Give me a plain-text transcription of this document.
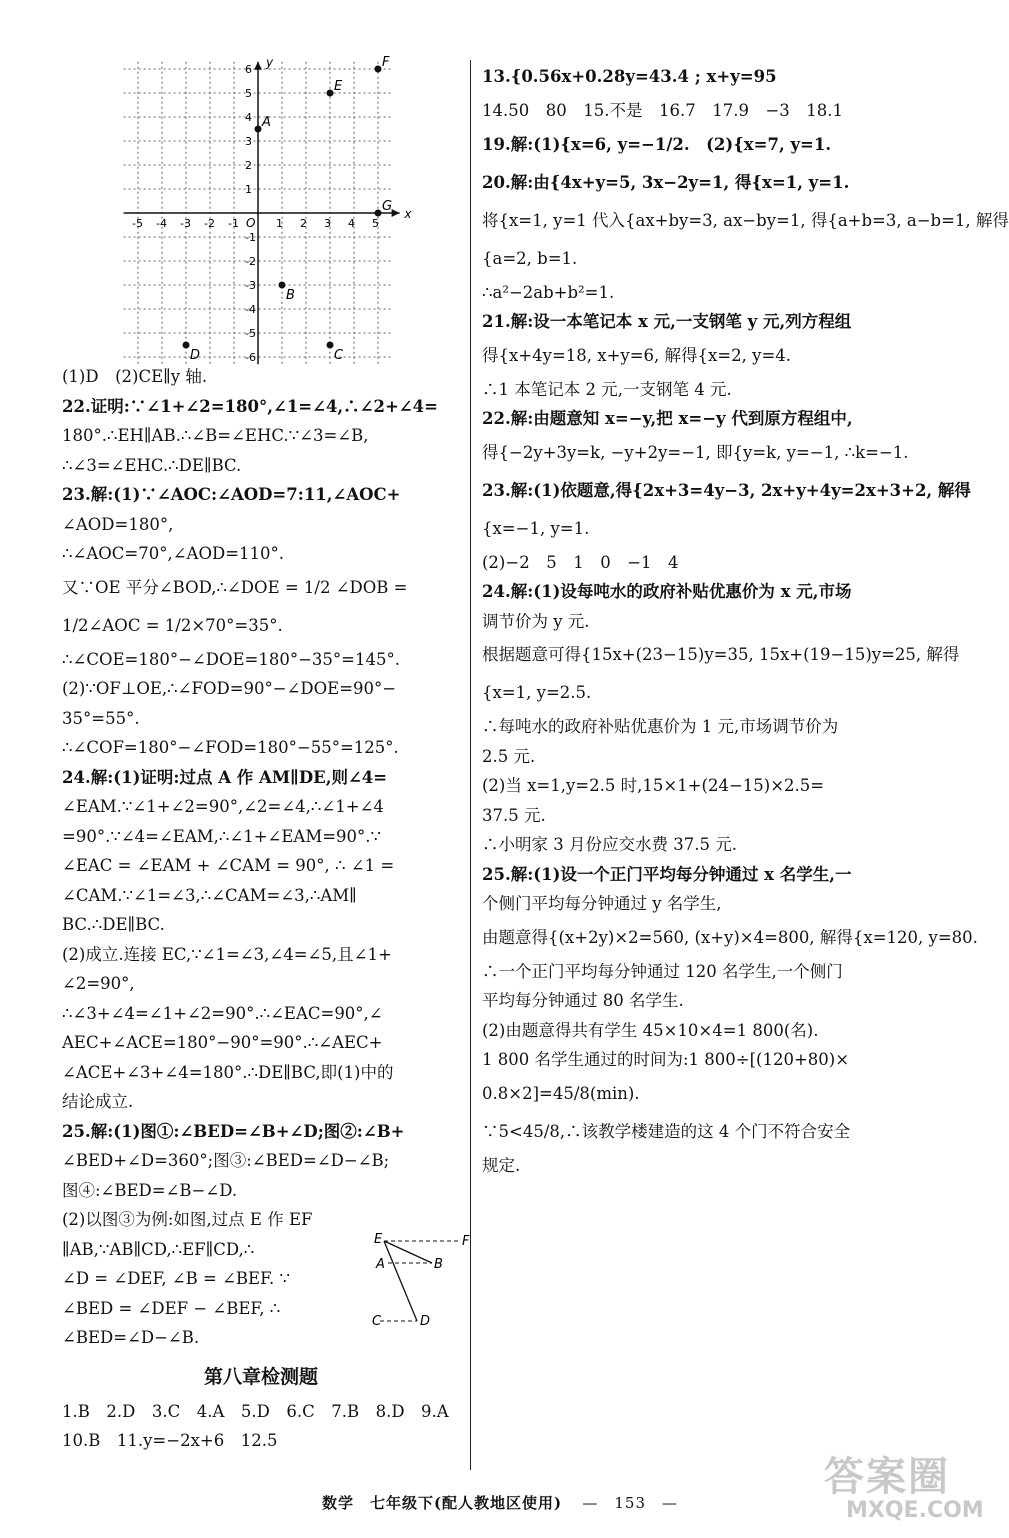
x
y
O
-5 -4 -3 -2 -1	1 2 3 4 5
6
5
4
3
2
1
-1
-2
-3
-4
-5
-6
A
B
C
D
E
F
G
(1)D　(2)CE∥y 轴.
22.证明:∵∠1+∠2=180°,∠1=∠4,∴∠2+∠4=
180°.∴EH∥AB.∴∠B=∠EHC.∵∠3=∠B,
∴∠3=∠EHC.∴DE∥BC.
23.解:(1)∵∠AOC:∠AOD=7:11,∠AOC+
∠AOD=180°,
∴∠AOC=70°,∠AOD=110°.
又∵OE 平分∠BOD,∴∠DOE = 1/2 ∠DOB =
1/2∠AOC = 1/2×70°=35°.
∴∠COE=180°−∠DOE=180°−35°=145°.
(2)∵OF⊥OE,∴∠FOD=90°−∠DOE=90°−
35°=55°.
∴∠COF=180°−∠FOD=180°−55°=125°.
24.解:(1)证明:过点 A 作 AM∥DE,则∠4=
∠EAM.∵∠1+∠2=90°,∠2=∠4,∴∠1+∠4
=90°.∵∠4=∠EAM,∴∠1+∠EAM=90°.∵
∠EAC = ∠EAM + ∠CAM = 90°, ∴ ∠1 =
∠CAM.∵∠1=∠3,∴∠CAM=∠3,∴AM∥
BC.∴DE∥BC.
(2)成立.连接 EC,∵∠1=∠3,∠4=∠5,且∠1+
∠2=90°,
∴∠3+∠4=∠1+∠2=90°.∴∠EAC=90°,∠
AEC+∠ACE=180°−90°=90°.∴∠AEC+
∠ACE+∠3+∠4=180°.∴DE∥BC,即(1)中的
结论成立.
25.解:(1)图①:∠BED=∠B+∠D;图②:∠B+
∠BED+∠D=360°;图③:∠BED=∠D−∠B;
图④:∠BED=∠B−∠D.
(2)以图③为例:如图,过点 E 作 EF
∥AB,∵AB∥CD,∴EF∥CD,∴
∠D = ∠DEF, ∠B = ∠BEF. ∵
∠BED = ∠DEF − ∠BEF, ∴
∠BED=∠D−∠B.
第八章检测题
1.B　2.D　3.C　4.A　5.D　6.C　7.B　8.D　9.A
10.B　11.y=−2x+6　12.5
E	F
A	B
C	D
13.{0.56x+0.28y=43.4 ; x+y=95
14.50　80　15.不是　16.7　17.9　−3　18.1
19.解:(1){x=6, y=−1/2.　(2){x=7, y=1.
20.解:由{4x+y=5, 3x−2y=1, 得{x=1, y=1.
将{x=1, y=1 代入{ax+by=3, ax−by=1, 得{a+b=3, a−b=1, 解得
{a=2, b=1.
∴a²−2ab+b²=1.
21.解:设一本笔记本 x 元,一支钢笔 y 元,列方程组
得{x+4y=18, x+y=6, 解得{x=2, y=4.
∴1 本笔记本 2 元,一支钢笔 4 元.
22.解:由题意知 x=−y,把 x=−y 代到原方程组中,
得{−2y+3y=k, −y+2y=−1, 即{y=k, y=−1, ∴k=−1.
23.解:(1)依题意,得{2x+3=4y−3, 2x+y+4y=2x+3+2, 解得
{x=−1, y=1.
(2)−2　5　1　0　−1　4
24.解:(1)设每吨水的政府补贴优惠价为 x 元,市场
调节价为 y 元.
根据题意可得{15x+(23−15)y=35, 15x+(19−15)y=25, 解得
{x=1, y=2.5.
∴每吨水的政府补贴优惠价为 1 元,市场调节价为
2.5 元.
(2)当 x=1,y=2.5 时,15×1+(24−15)×2.5=
37.5 元.
∴小明家 3 月份应交水费 37.5 元.
25.解:(1)设一个正门平均每分钟通过 x 名学生,一
个侧门平均每分钟通过 y 名学生,
由题意得{(x+2y)×2=560, (x+y)×4=800, 解得{x=120, y=80.
∴一个正门平均每分钟通过 120 名学生,一个侧门
平均每分钟通过 80 名学生.
(2)由题意得共有学生 45×10×4=1 800(名).
1 800 名学生通过的时间为:1 800÷[(120+80)×
0.8×2]=45/8(min).
∵5<45/8,∴该教学楼建造的这 4 个门不符合安全
规定.
数学　七年级下(配人教地区使用) —　153　—
答案圈
MXQE.COM
